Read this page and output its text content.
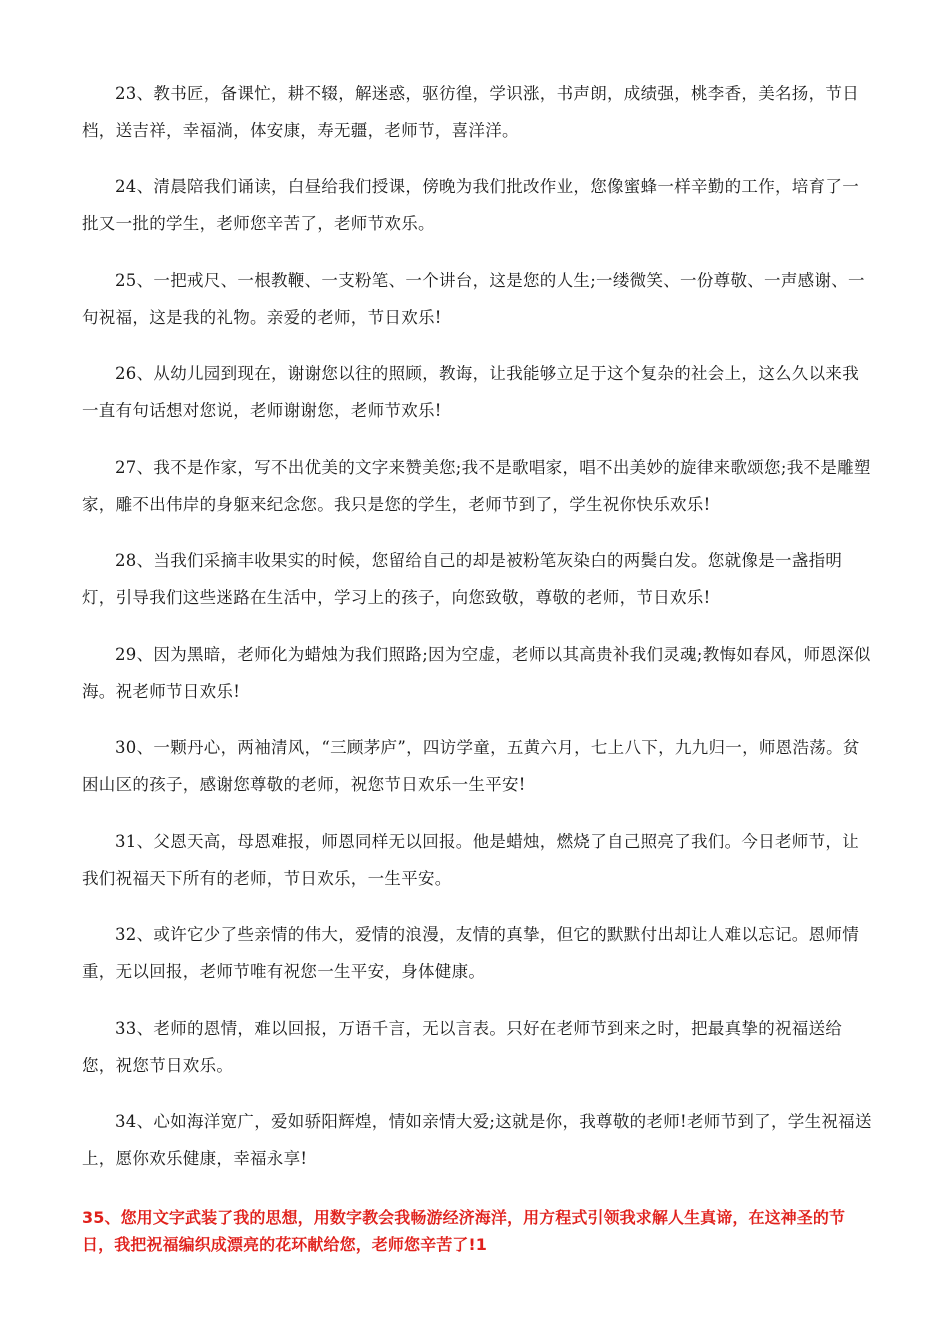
23、教书匠，备课忙，耕不辍，解迷惑，驱彷徨，学识涨，书声朗，成绩强，桃李香，美名扬，节日档，送吉祥，幸福淌，体安康，寿无疆，老师节，喜洋洋。

24、清晨陪我们诵读，白昼给我们授课，傍晚为我们批改作业，您像蜜蜂一样辛勤的工作，培育了一批又一批的学生，老师您辛苦了，老师节欢乐。

25、一把戒尺、一根教鞭、一支粉笔、一个讲台，这是您的人生;一缕微笑、一份尊敬、一声感谢、一句祝福，这是我的礼物。亲爱的老师，节日欢乐!

26、从幼儿园到现在，谢谢您以往的照顾，教诲，让我能够立足于这个复杂的社会上，这么久以来我一直有句话想对您说，老师谢谢您，老师节欢乐!

27、我不是作家，写不出优美的文字来赞美您;我不是歌唱家，唱不出美妙的旋律来歌颂您;我不是雕塑家，雕不出伟岸的身躯来纪念您。我只是您的学生，老师节到了，学生祝你快乐欢乐!

28、当我们采摘丰收果实的时候，您留给自己的却是被粉笔灰染白的两鬓白发。您就像是一盏指明灯，引导我们这些迷路在生活中，学习上的孩子，向您致敬，尊敬的老师，节日欢乐!

29、因为黑暗，老师化为蜡烛为我们照路;因为空虚，老师以其高贵补我们灵魂;教悔如春风，师恩深似海。祝老师节日欢乐!

30、一颗丹心，两袖清风，“三顾茅庐”，四访学童，五黄六月，七上八下，九九归一，师恩浩荡。贫困山区的孩子，感谢您尊敬的老师，祝您节日欢乐一生平安!

31、父恩天高，母恩难报，师恩同样无以回报。他是蜡烛，燃烧了自己照亮了我们。今日老师节，让我们祝福天下所有的老师，节日欢乐，一生平安。

32、或许它少了些亲情的伟大，爱情的浪漫，友情的真挚，但它的默默付出却让人难以忘记。恩师情重，无以回报，老师节唯有祝您一生平安，身体健康。

33、老师的恩情，难以回报，万语千言，无以言表。只好在老师节到来之时，把最真挚的祝福送给您，祝您节日欢乐。

34、心如海洋宽广，爱如骄阳辉煌，情如亲情大爱;这就是你，我尊敬的老师!老师节到了，学生祝福送上，愿你欢乐健康，幸福永享!

35、您用文字武装了我的思想，用数字教会我畅游经济海洋，用方程式引领我求解人生真谛，在这神圣的节日，我把祝福编织成漂亮的花环献给您，老师您辛苦了!1
